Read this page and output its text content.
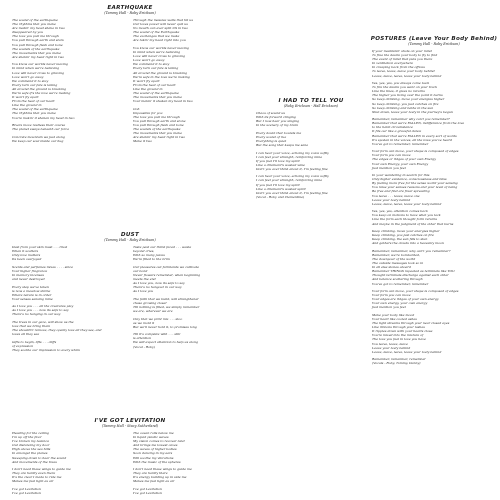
EARTHQUAKE
(Tammy Hall - Roby Erickson)
The sound of the earthquake
The rhythms that you make
Are makin' my head shake in two
disappeared by you
The love you pull me through
You pull through earth and stars
You pull through flesh and bone
The sounds of the earthquake
The movements that you make
Are shakin' my head right in two
You know our worlds never leaving
In mind when we're believing
Love will never cross to grieving
Love won't go away
We command it to stay
Every turn our fate is taking
All around the ground is breaking
We're safe if's the love we're making
It won't fly apart
From the heat of our heart
Like the ground in
The sound of the earthquake
The rhythms that you make
You're makin' it shaken my head in two
Rivers move restless their course
The planet sways beneath our force
Concrete mountain we just along
We keep our soul inside our hug
Through the massive walls that hit us
Our loves power will never quit us
No mouth can ever split US in two
The sound of the Earthquake
The exchanges that we make
Are takin' my head right into you
You know our worlds never leaving
In mind when we're believing
Love will never cross to grieving
Love won't go away
We command it to stay
Every turn our fate is taking
All around the ground is breaking
We're safe in the love we're making
It won't fly apart
From the heat of our heart
Like the ground in
The sound of the earthquake
The movements that you make
Your makin' it shaken my head in two
Ooh
Impossible for you
The love you pull me through
You pull through earth and stone
You pull through flesh and bone
The sounds of the earthquake
The movements that you make
Are shakin' my head right in two
Make it two
DUST
(Tammy Hall - Roby Erickson)
Dust from your skin must . . . trust
When it scatters
Only love matters
Its been overjoyed
Scents and perfumes mixes . . . . since
Your higher fragrance
In memory incenses
and never destroyed
Every step we've taken
is now a meadow shrine
Where nature is in order
Your senses sensing mine
As I love you . . . all the creatures play
As I love you . . . now its safe to say
There's no hanging in our way
The trees in our gaze, will show us the
love that we bring them
The shouldn't remove, they openly love all they see, and
loves all they see
Gifts to begin, lifts . . . cliffs
of expression
They soothe our impression to every whim
Taste past our thirst faced . . . waste
beyond cries,
With so many juices
We're filled to the brim
Our pleasures out farmlands we cultivate
our bond
Never flowers remember, when beginning
meets the end
As I love you, now its safe to say
There's no hangout in our way
As I love you
The faith that we build, will strengthener
chase growing closer
Till nothing is filled, we simply remember
we are, wherever we are
Clay that we print mix . . . stoo
as we mold it
But we'll never hold it, to promises long
Till it's complete with . . . still
is attention
We will expect attention to help us along
(Vocal - Roby)
I'VE GOT LEVITATION
(Tammy Hall - Stacy Sutherland)
Heading for the ceiling
I'm up off the floor
I've broken my balance
Out distancing my door
High above the sea hills
In amongst the planes
Sweeping down to hear the sound
And movements of the trees
I don't need these wings to guide me
They are hardly even there
It's the clear I made to ride me
Makes me feel light as air
I've got Levitation
I've got Levitation
The ocean rolls below me
In liquid plastic waves
My vision comes to recover land
And brings me lowest caves
The waves of higher bodies
Soon dancing in my ears
Will soothe my vibrations
With the music of the spheres
I don't need these wings to guide me
They are hardly there
It's energy building up in side me
Makes me feel light as air
I've got Levitation
I've got Levitation
I HAD TO TELL YOU
(Roky Erickson - Hall Erickson)
Chaos of sound us
With its forward clinging
But I now hear you singing
In the scenery of my brain
Every doubt that bounds me
Every sound of rue
Everything is quiet
But the song that keeps me sane
I can hear your voice, echoing my voice softly
I can feel your strength, reinforcing mine
If you feel I'll love my spirit
Like a drunkard's wasted wine
Don't you ever think about it, I'm feeling fine
I can hear your voice, echoing my voice softly
I can feel your strength, reinforcing mine
If you feel I'll love my spirit
Like a drunkard's wasted spirit
Don't you ever think about it, I'm feeling fine
(Vocal - Roby and Clementine)
POSTURES (Leave Your Body Behind)
(Tammy Hall - Roby Erickson)
If your maddenin' shots on your mind
To free the desire your body to fly to find
The event of mind that puts you there
In ventilation everywhere
In creeping back from the offices
To leave, leave, leave your body behind
Leave, leave, leave, leave your body behind
Yes, yes, yes, you always come back
To fire the desire you want on your track
Line the lines, it gives no returns
The higher you living over the point it burns
So keep climbing, move your energies higher
So keep climbing, you just catches on fire
So keep climbing and bathe in the sun
Shut down, leave your body in the journey's begun
Remember, remember why can't you remember?
Remember that we're FALLEN, indifference from the love
to the habit circumstance
It fits our like a graceful dance
Remember that we're FALLEN in every sort of words
It's spoken in the voices, all the lows you've heard
You've got to remember, remember
Your form can move, your shape is composed of edges
Your form you can move
The edges or ridges of your own Energy
Your own Energy, your own Energy
Just mention you feel
In your wandering in search for this
Only higher existence, consciousness and bliss
By feeling more free for the sense world your sensing
You raise your senses reasons and your level of being
Be free and find are freer spreading
You leave . . . leave, leave one
Leave your body behind
Leave, leave, leave, leave your body behind
Yes, yes, yes, attention comes back
You keep on motions to have what you lack
Line the form each thought form returns
And maybe in the judgment of the other that burns
Keep climbing, move your energies higher
Keep climbing, you just catches on fire
Keep climbing, the sun fills to stun
And gathers the clouds into a heavenly moon
Remember, remember, why can't you remember?
Remember, we're bombarded,
The downpour of the world
The outside messages look so in
In all else stones aboard
Remember THINGS repeated as terminals like YOU
Thought terminals discharge against each other
And balance scattering through
You've got to remember, remember
Your form can move, your shape is composed of edges
Your form you can move
Your edges are ridges of your own energy
Your own energy, your own energy
Just mention you feel
Make your body like mood
Your heart like cooled ashes
The light streams through your near closed eyes
Like ribbons through your lashes
It ripples down with your hearts close
You're mixed into the mixture of
The love you feel in love you have
You leave, leave, leave
Leave your body behind
Leave, leave, leave, leave your body behind
Remember, remember, remember
(Vocals - Roby, Tommy, Danny)
